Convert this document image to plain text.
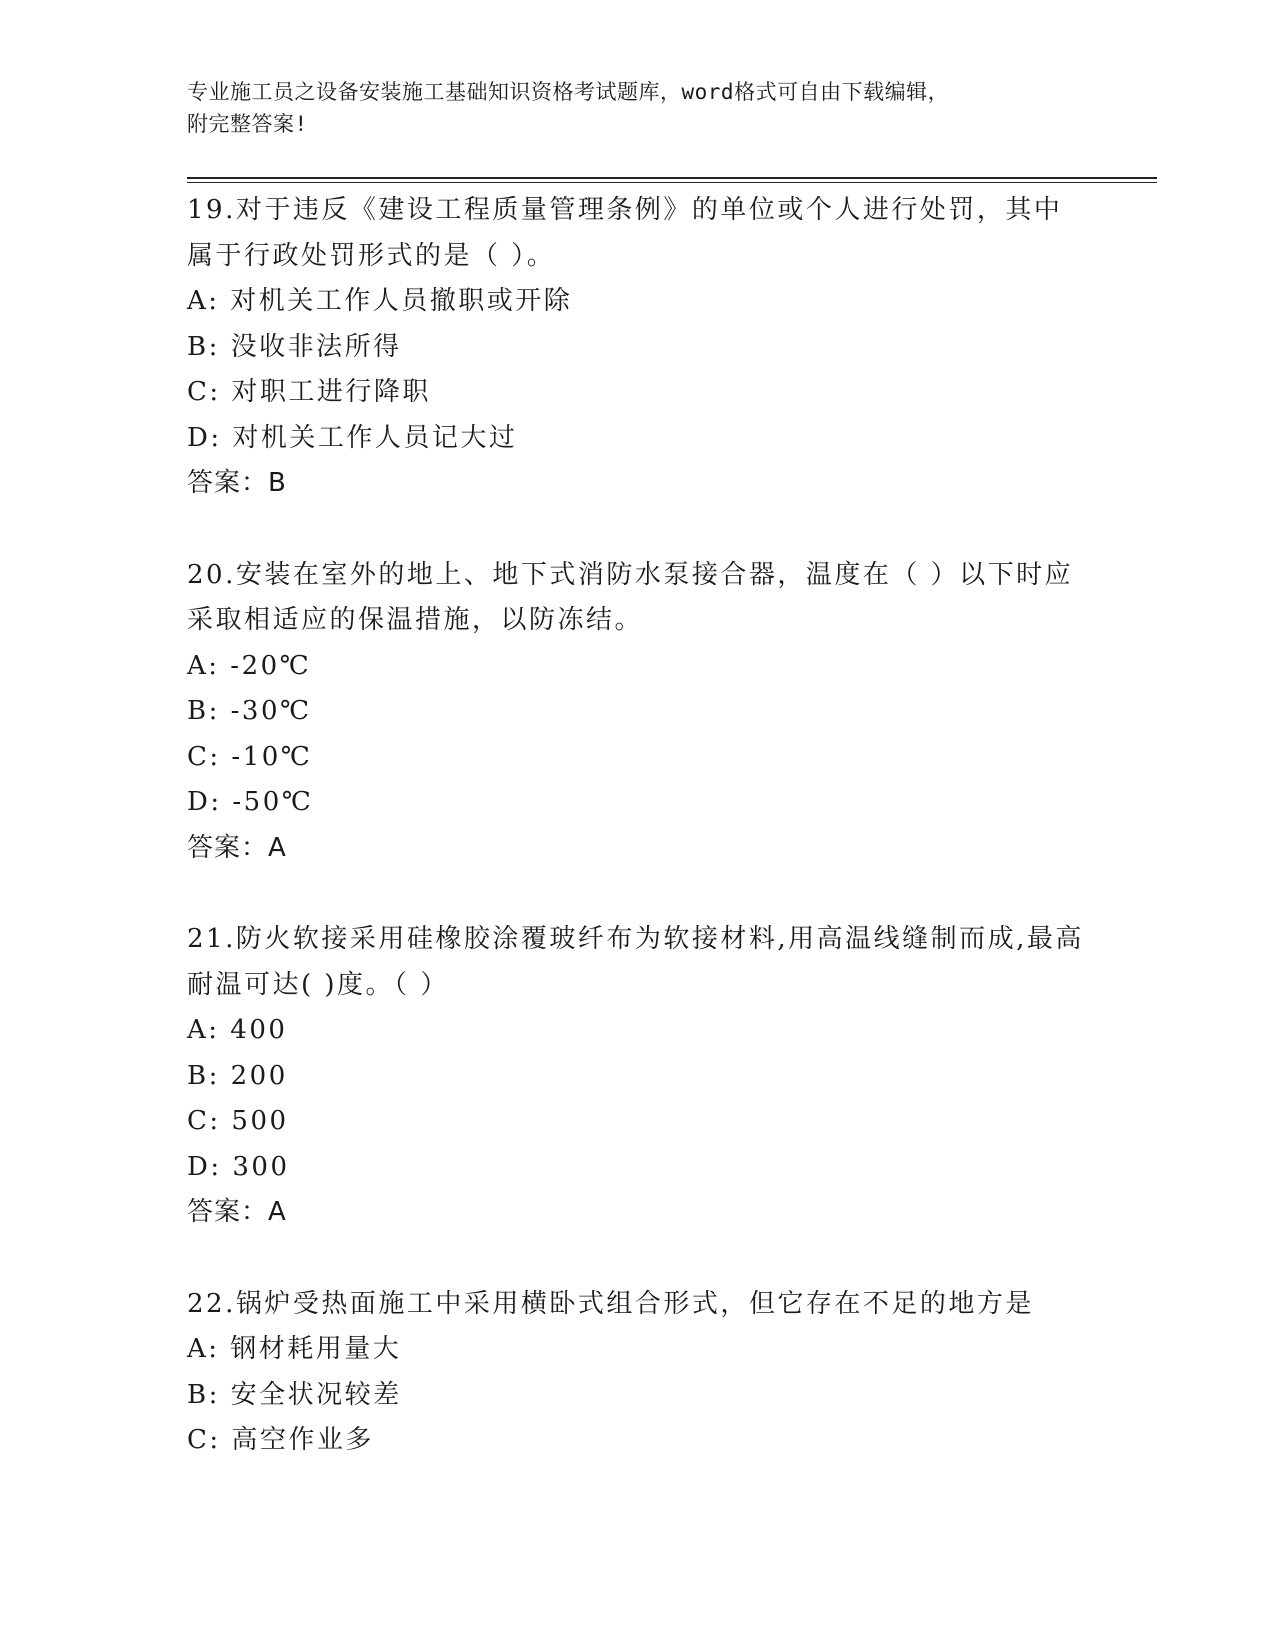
专业施工员之设备安装施工基础知识资格考试题库，word格式可自由下载编辑，
附完整答案!
19.对于违反《建设工程质量管理条例》的单位或个人进行处罚，其中属于行政处罚形式的是（ ）。
A: 对机关工作人员撤职或开除
B: 没收非法所得
C: 对职工进行降职
D: 对机关工作人员记大过
答案：B
20.安装在室外的地上、地下式消防水泵接合器，温度在（ ）以下时应采取相适应的保温措施，以防冻结。
A: -20℃
B: -30℃
C: -10℃
D: -50℃
答案：A
21.防火软接采用硅橡胶涂覆玻纤布为软接材料,用高温线缝制而成,最高耐温可达( )度。（ ）
A: 400
B: 200
C: 500
D: 300
答案：A
22.锅炉受热面施工中采用横卧式组合形式，但它存在不足的地方是
A: 钢材耗用量大
B: 安全状况较差
C: 高空作业多
